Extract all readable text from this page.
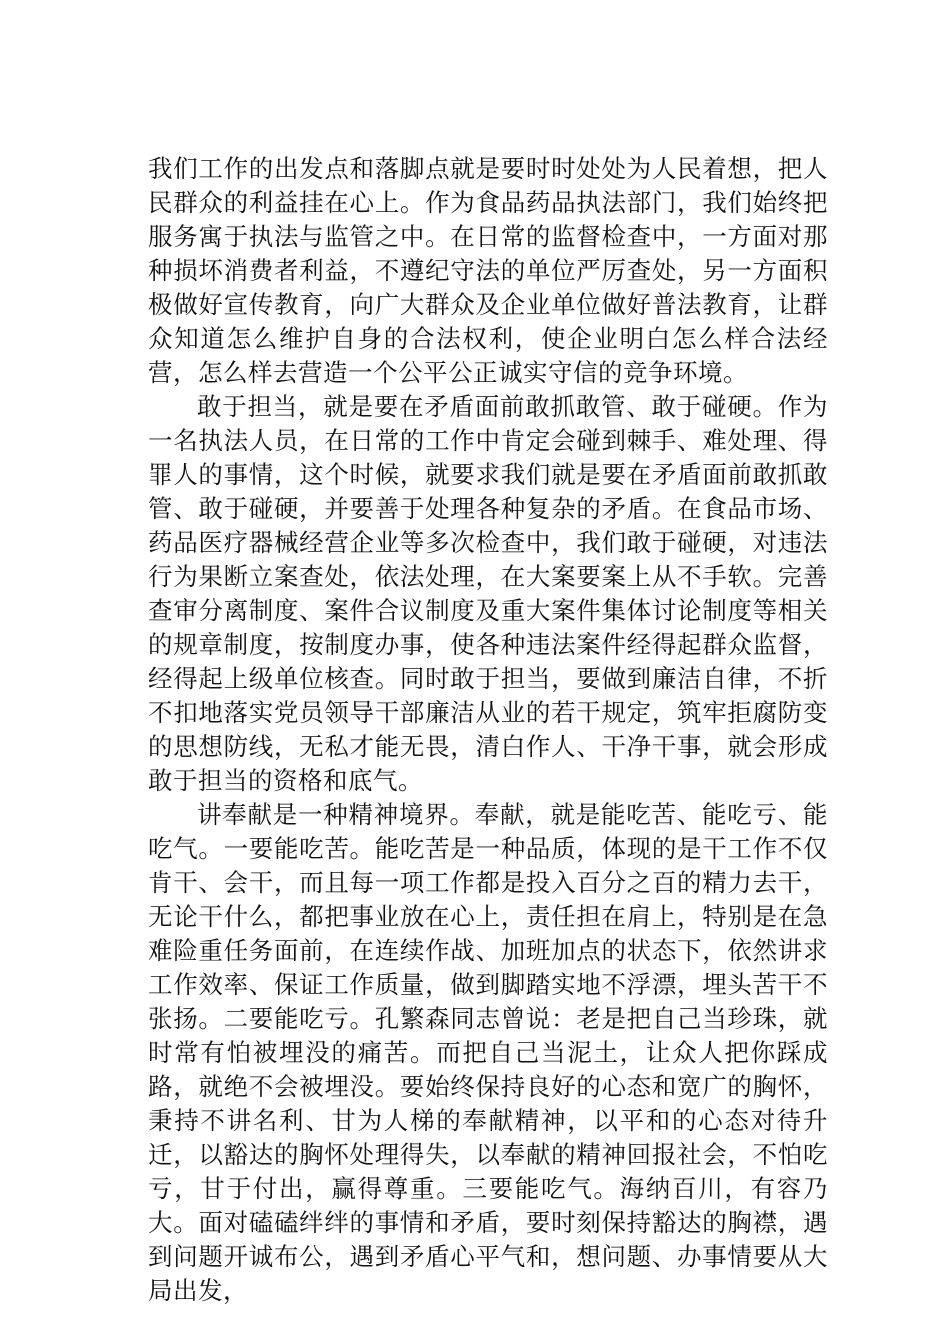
我们工作的出发点和落脚点就是要时时处处为人民着想，把人民群众的利益挂在心上。作为食品药品执法部门，我们始终把服务寓于执法与监管之中。在日常的监督检查中，一方面对那种损坏消费者利益，不遵纪守法的单位严厉查处，另一方面积极做好宣传教育，向广大群众及企业单位做好普法教育，让群众知道怎么维护自身的合法权利，使企业明白怎么样合法经营，怎么样去营造一个公平公正诚实守信的竞争环境。

敢于担当，就是要在矛盾面前敢抓敢管、敢于碰硬。作为一名执法人员，在日常的工作中肯定会碰到棘手、难处理、得罪人的事情，这个时候，就要求我们就是要在矛盾面前敢抓敢管、敢于碰硬，并要善于处理各种复杂的矛盾。在食品市场、药品医疗器械经营企业等多次检查中，我们敢于碰硬，对违法行为果断立案查处，依法处理，在大案要案上从不手软。完善查审分离制度、案件合议制度及重大案件集体讨论制度等相关的规章制度，按制度办事，使各种违法案件经得起群众监督，经得起上级单位核查。同时敢于担当，要做到廉洁自律，不折不扣地落实党员领导干部廉洁从业的若干规定，筑牢拒腐防变的思想防线，无私才能无畏，清白作人、干净干事，就会形成敢于担当的资格和底气。

讲奉献是一种精神境界。奉献，就是能吃苦、能吃亏、能吃气。一要能吃苦。能吃苦是一种品质，体现的是干工作不仅肯干、会干，而且每一项工作都是投入百分之百的精力去干，无论干什么，都把事业放在心上，责任担在肩上，特别是在急难险重任务面前，在连续作战、加班加点的状态下，依然讲求工作效率、保证工作质量，做到脚踏实地不浮漂，埋头苦干不张扬。二要能吃亏。孔繁森同志曾说：老是把自己当珍珠，就时常有怕被埋没的痛苦。而把自己当泥土，让众人把你踩成路，就绝不会被埋没。要始终保持良好的心态和宽广的胸怀，秉持不讲名利、甘为人梯的奉献精神，以平和的心态对待升迁，以豁达的胸怀处理得失，以奉献的精神回报社会，不怕吃亏，甘于付出，赢得尊重。三要能吃气。海纳百川，有容乃大。面对磕磕绊绊的事情和矛盾，要时刻保持豁达的胸襟，遇到问题开诚布公，遇到矛盾心平气和，想问题、办事情要从大局出发，
